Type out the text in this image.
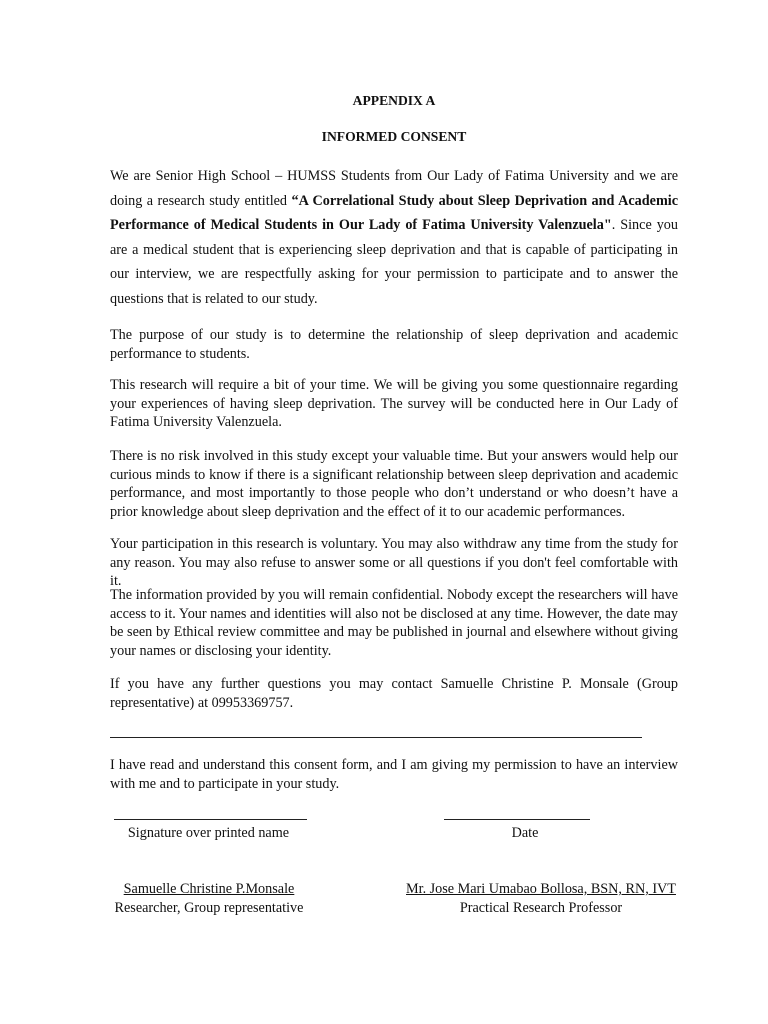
APPENDIX A
INFORMED CONSENT
We are Senior High School – HUMSS Students from Our Lady of Fatima University and we are doing a research study entitled “A Correlational Study about Sleep Deprivation and Academic Performance of Medical Students in Our Lady of Fatima University Valenzuela". Since you are a medical student that is experiencing sleep deprivation and that is capable of participating in our interview, we are respectfully asking for your permission to participate and to answer the questions that is related to our study.
The purpose of our study is to determine the relationship of sleep deprivation and academic performance to students.
This research will require a bit of your time. We will be giving you some questionnaire regarding your experiences of having sleep deprivation. The survey will be conducted here in Our Lady of Fatima University Valenzuela.
There is no risk involved in this study except your valuable time. But your answers would help our curious minds to know if there is a significant relationship between sleep deprivation and academic performance, and most importantly to those people who don’t understand or who doesn’t have a prior knowledge about sleep deprivation and the effect of it to our academic performances.
Your participation in this research is voluntary. You may also withdraw any time from the study for any reason. You may also refuse to answer some or all questions if you don't feel comfortable with it.
The information provided by you will remain confidential. Nobody except the researchers will have access to it. Your names and identities will also not be disclosed at any time. However, the date may be seen by Ethical review committee and may be published in journal and elsewhere without giving your names or disclosing your identity.
If you have any further questions you may contact Samuelle Christine P. Monsale (Group representative) at 09953369757.
I have read and understand this consent form, and I am giving my permission to have an interview with me and to participate in your study.
Signature over printed name	Date
Samuelle Christine P.Monsale
Researcher, Group representative
Mr. Jose Mari Umabao Bollosa, BSN, RN, IVT
Practical Research Professor
